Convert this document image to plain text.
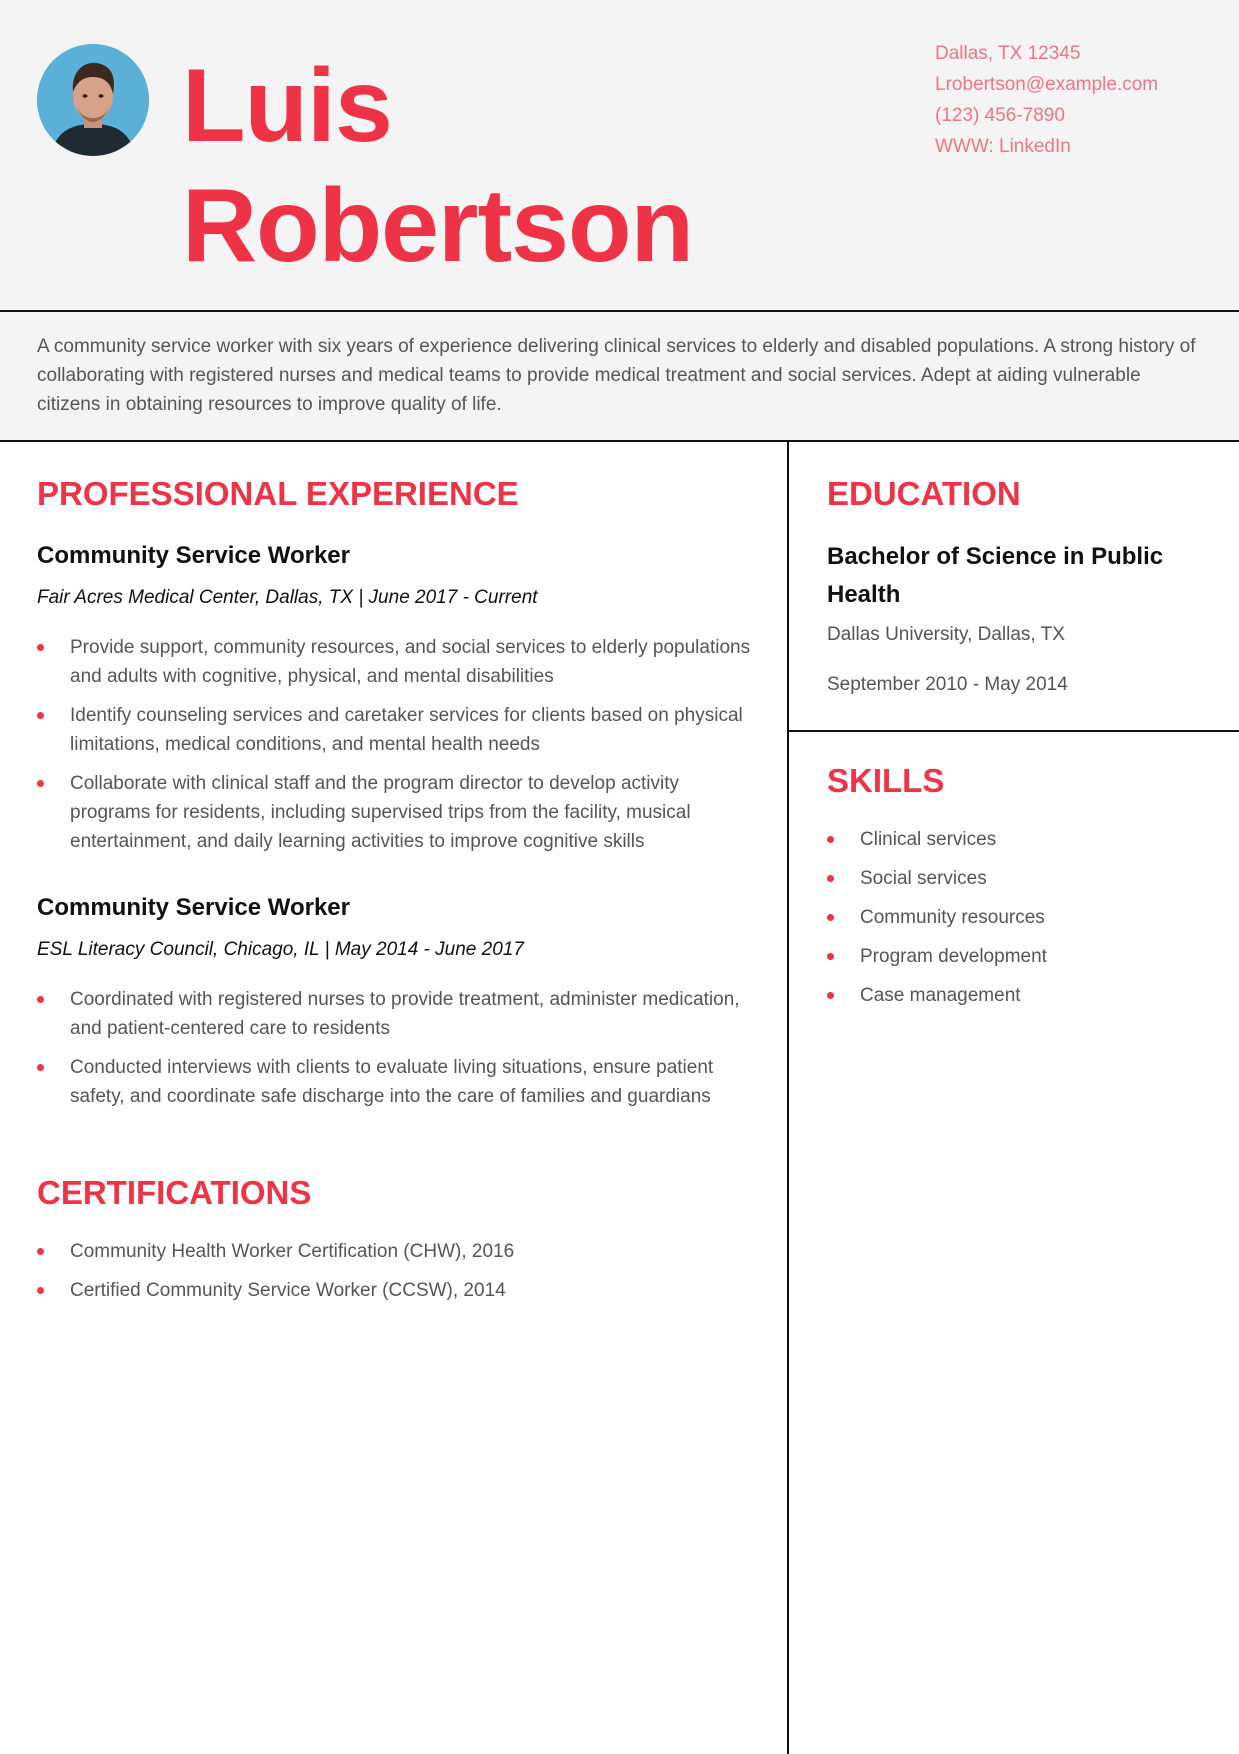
Luis
Robertson
Dallas, TX 12345
Lrobertson@example.com
(123) 456-7890
WWW: LinkedIn

A community service worker with six years of experience delivering clinical services to elderly and disabled populations. A strong history of collaborating with registered nurses and medical teams to provide medical treatment and social services. Adept at aiding vulnerable citizens in obtaining resources to improve quality of life.

PROFESSIONAL EXPERIENCE
Community Service Worker

Fair Acres Medical Center, Dallas, TX | June 2017 - Current

Provide support, community resources, and social services to elderly populations and adults with cognitive, physical, and mental disabilities
Identify counseling services and caretaker services for clients based on physical limitations, medical conditions, and mental health needs
Collaborate with clinical staff and the program director to develop activity programs for residents, including supervised trips from the facility, musical entertainment, and daily learning activities to improve cognitive skills
Community Service Worker

ESL Literacy Council, Chicago, IL | May 2014 - June 2017

Coordinated with registered nurses to provide treatment, administer medication, and patient-centered care to residents
Conducted interviews with clients to evaluate living situations, ensure patient safety, and coordinate safe discharge into the care of families and guardians
CERTIFICATIONS
Community Health Worker Certification (CHW), 2016
Certified Community Service Worker (CCSW), 2014
EDUCATION

Bachelor of Science in Public Health

Dallas University, Dallas, TX

September 2010 - May 2014

SKILLS
Clinical services
Social services
Community resources
Program development
Case management
